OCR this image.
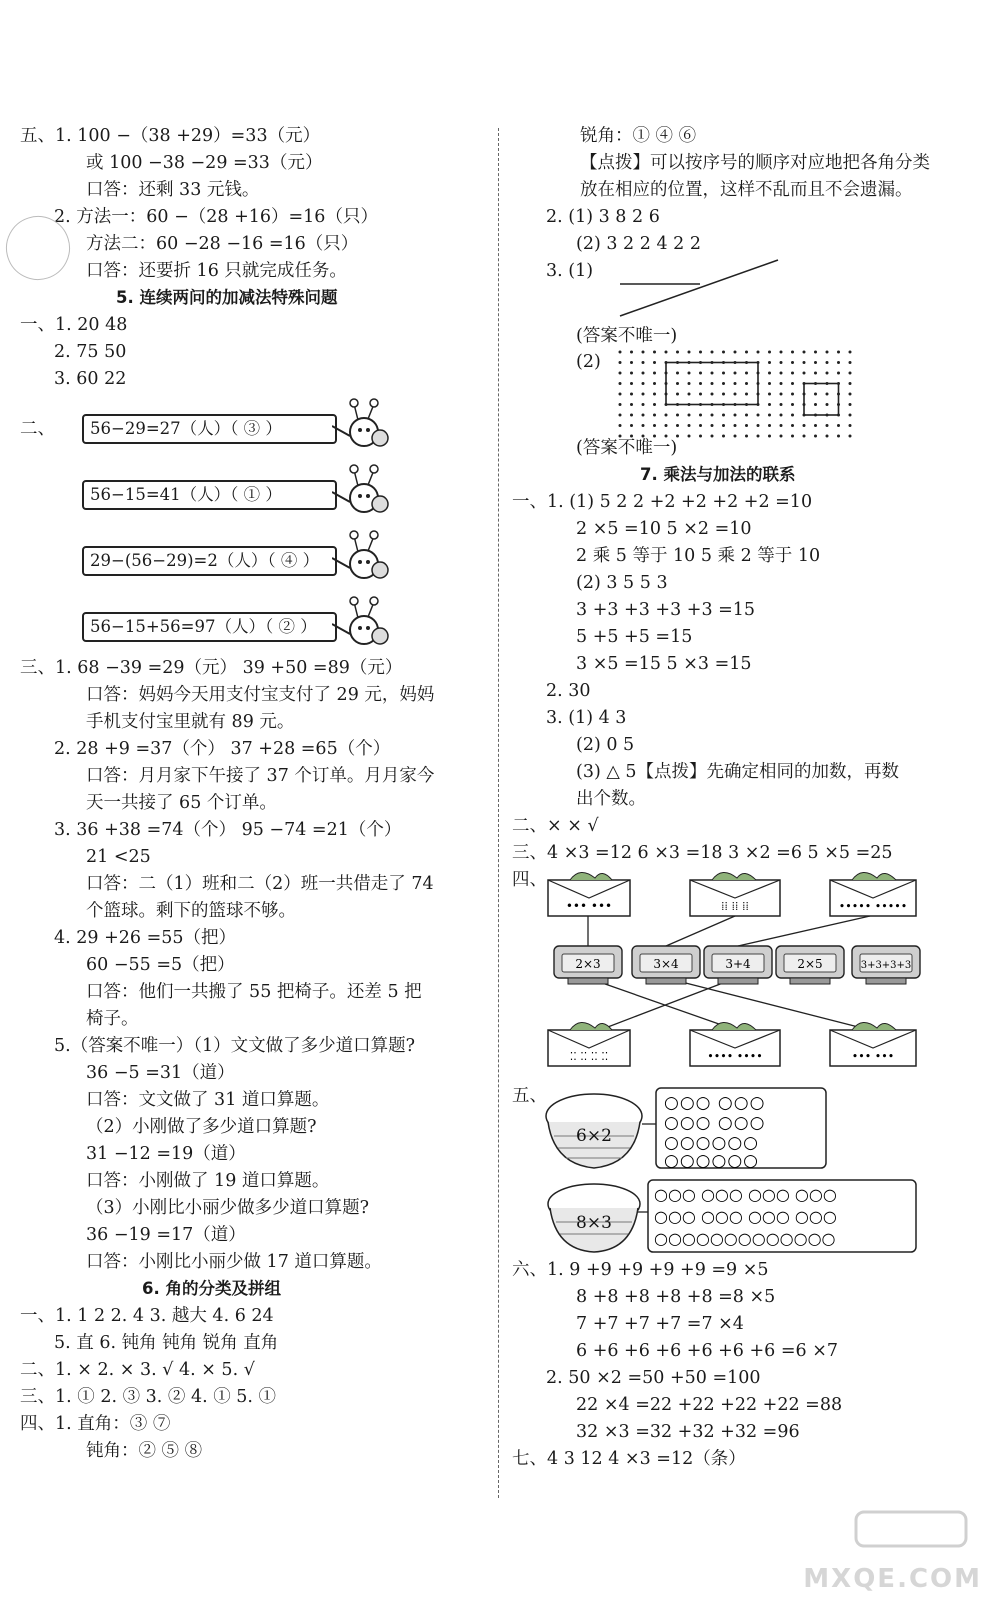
五、1. 100 −（38 +29）=33（元）
或 100 −38 −29 =33（元）
口答：还剩 33 元钱。
2. 方法一：60 −（28 +16）=16（只）
方法二：60 −28 −16 =16（只）
口答：还要折 16 只就完成任务。
5. 连续两问的加减法特殊问题
一、1. 20 48
2. 75 50
3. 60 22
二、	56−29=27（人）（ ③ ）
56−15=41（人）（ ① ）
29−(56−29)=2（人）（ ④ ）
56−15+56=97（人）（ ② ）
三、1. 68 −39 =29（元） 39 +50 =89（元）
口答：妈妈今天用支付宝支付了 29 元，妈妈
手机支付宝里就有 89 元。
2. 28 +9 =37（个） 37 +28 =65（个）
口答：月月家下午接了 37 个订单。月月家今
天一共接了 65 个订单。
3. 36 +38 =74（个） 95 −74 =21（个）
21 <25
口答：二（1）班和二（2）班一共借走了 74
个篮球。剩下的篮球不够。
4. 29 +26 =55（把）
60 −55 =5（把）
口答：他们一共搬了 55 把椅子。还差 5 把
椅子。
5.（答案不唯一）（1）文文做了多少道口算题?
36 −5 =31（道）
口答：文文做了 31 道口算题。
（2）小刚做了多少道口算题?
31 −12 =19（道）
口答：小刚做了 19 道口算题。
（3）小刚比小丽少做多少道口算题?
36 −19 =17（道）
口答：小刚比小丽少做 17 道口算题。
6. 角的分类及拼组
一、1. 1 2 2. 4 3. 越大 4. 6 24
5. 直 6. 钝角 钝角 锐角 直角
二、1. × 2. × 3. √ 4. × 5. √
三、1. ① 2. ③ 3. ② 4. ① 5. ①
四、1. 直角：③ ⑦
钝角：② ⑤ ⑧
锐角：① ④ ⑥
【点拨】可以按序号的顺序对应地把各角分类
放在相应的位置，这样不乱而且不会遗漏。
2. (1) 3 8 2 6
(2) 3 2 2 4 2 2
3. (1)
(答案不唯一)
(2)
(答案不唯一)
7. 乘法与加法的联系
一、1. (1) 5 2 2 +2 +2 +2 +2 =10
2 ×5 =10 5 ×2 =10
2 乘 5 等于 10 5 乘 2 等于 10
(2) 3 5 5 3
3 +3 +3 +3 +3 =15
5 +5 +5 =15
3 ×5 =15 5 ×3 =15
2. 30
3. (1) 4 3
(2) 0 5
(3) △ 5【点拨】先确定相同的加数，再数
出个数。
二、× × √
三、4 ×3 =12 6 ×3 =18 3 ×2 =6 5 ×5 =25
四、
••• •••	⁞⁞ ⁞⁞ ⁞⁞	••••• •••••
2×3	3×4	3+4	2×5	3+3+3+3
⁚⁚ ⁚⁚ ⁚⁚ ⁚⁚	•••• ••••	••• •••
五、
6×2
○○○ ○○○
○○○ ○○○
○○○○○○
○○○○○○
8×3
○○○ ○○○ ○○○ ○○○
○○○ ○○○ ○○○ ○○○
○○○○○○○○○○○○○
六、1. 9 +9 +9 +9 +9 =9 ×5
8 +8 +8 +8 +8 =8 ×5
7 +7 +7 +7 =7 ×4
6 +6 +6 +6 +6 +6 +6 =6 ×7
2. 50 ×2 =50 +50 =100
22 ×4 =22 +22 +22 +22 =88
32 ×3 =32 +32 +32 =96
七、4 3 12 4 ×3 =12（条）
MXQE.COM
